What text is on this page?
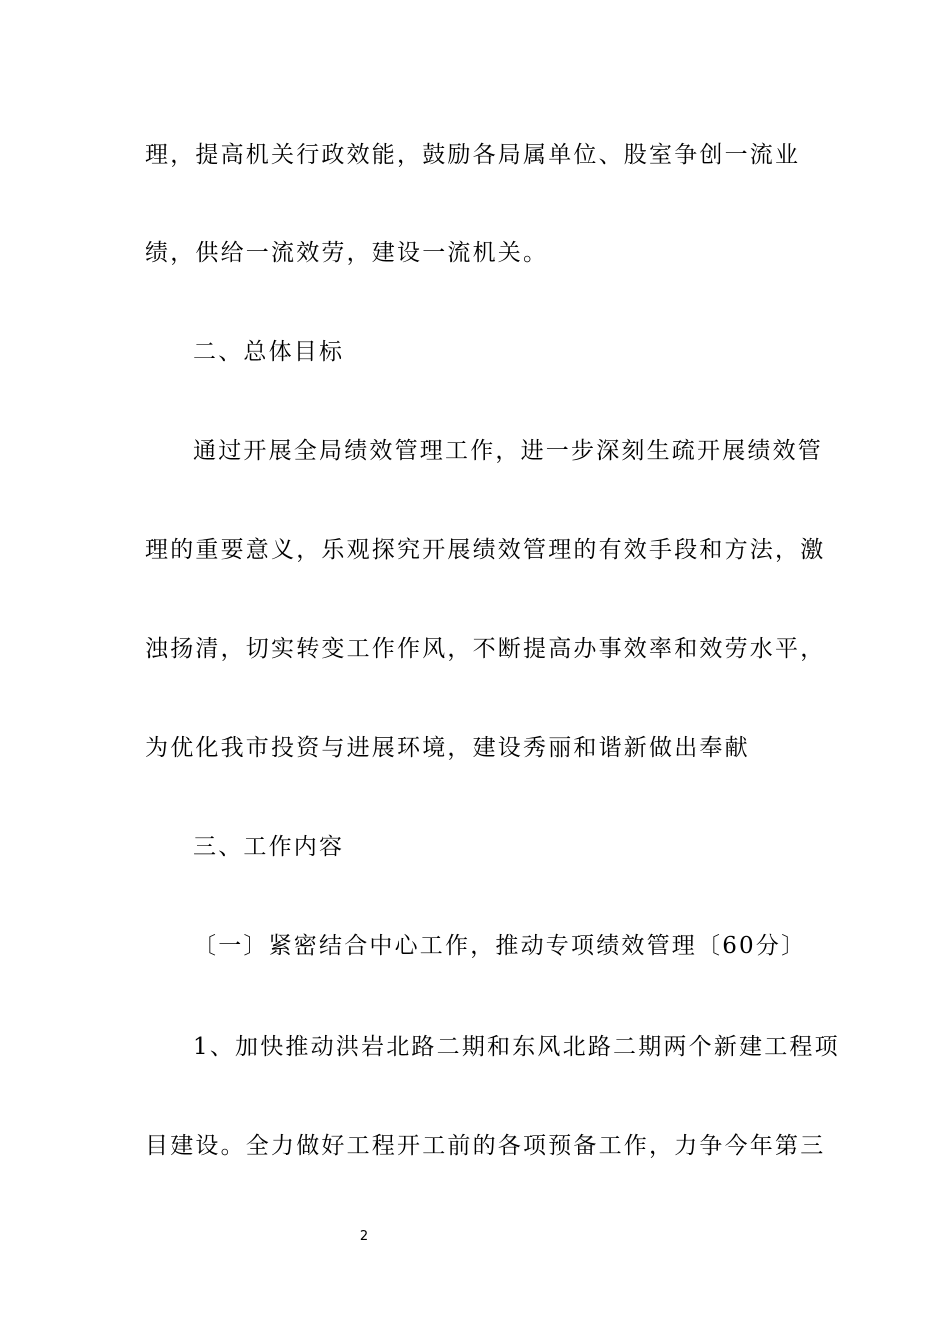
理，提高机关行政效能，鼓励各局属单位、股室争创一流业
绩，供给一流效劳，建设一流机关。
二、总体目标
通过开展全局绩效管理工作，进一步深刻生疏开展绩效管
理的重要意义，乐观探究开展绩效管理的有效手段和方法，激
浊扬清，切实转变工作作风，不断提高办事效率和效劳水平，
为优化我市投资与进展环境，建设秀丽和谐新做出奉献
三、工作内容
〔一〕紧密结合中心工作，推动专项绩效管理〔60分〕
1、加快推动洪岩北路二期和东风北路二期两个新建工程项
目建设。全力做好工程开工前的各项预备工作，力争今年第三
2
